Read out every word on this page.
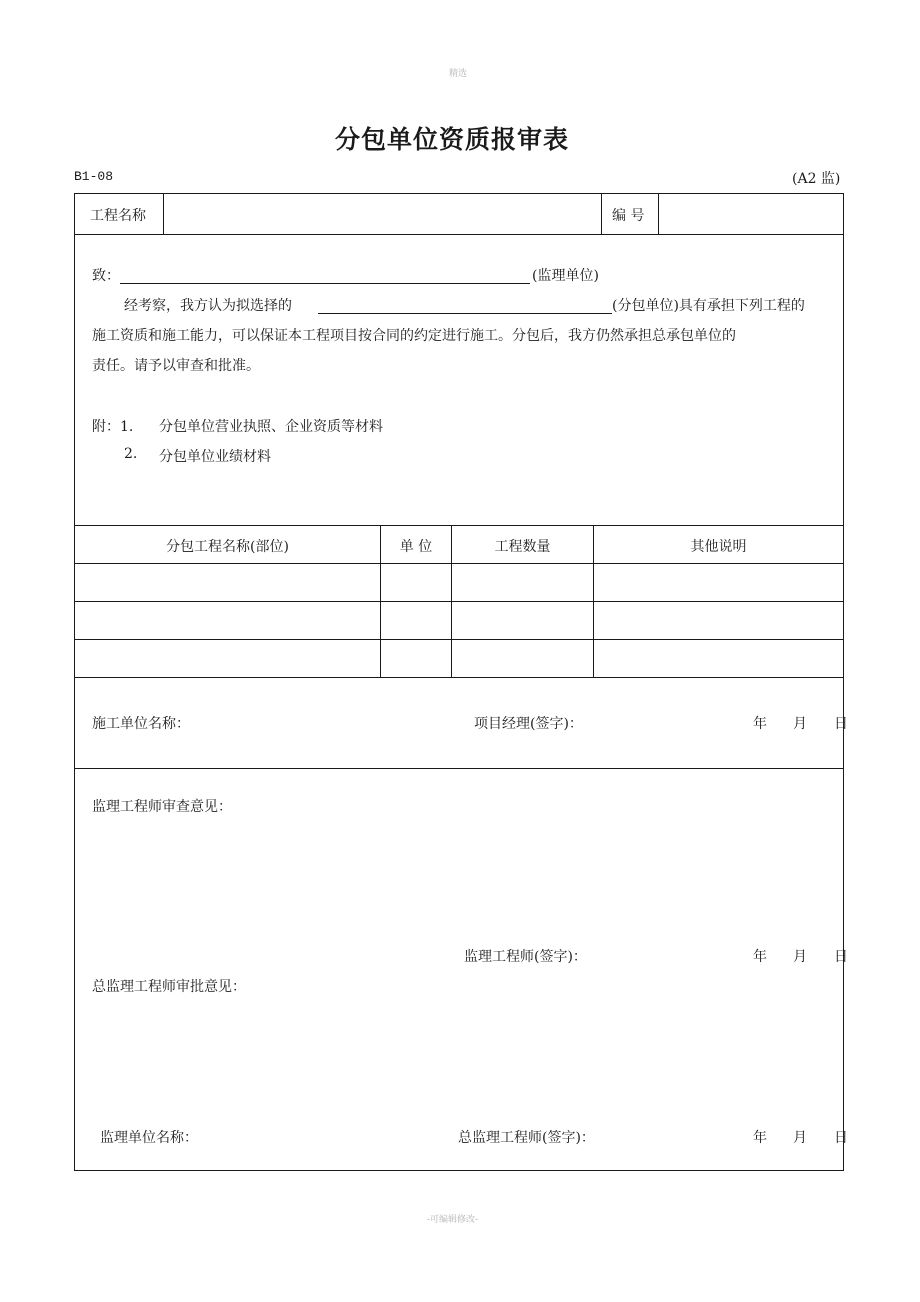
精选
分包单位资质报审表
B1-08	(A2 监)
工程名称	编 号
致：	(监理单位)
经考察，我方认为拟选择的	(分包单位)具有承担下列工程的
施工资质和施工能力，可以保证本工程项目按合同的约定进行施工。分包后，我方仍然承担总承包单位的
责任。请予以审查和批准。
附：1. 分包单位营业执照、企业资质等材料
2. 分包单位业绩材料
分包工程名称(部位)	单 位	工程数量	其他说明
施工单位名称：	项目经理(签字)：	年 月 日
监理工程师审查意见：
监理工程师(签字)：	年 月 日
总监理工程师审批意见：
监理单位名称：	总监理工程师(签字)：	年 月 日
-可编辑修改-
